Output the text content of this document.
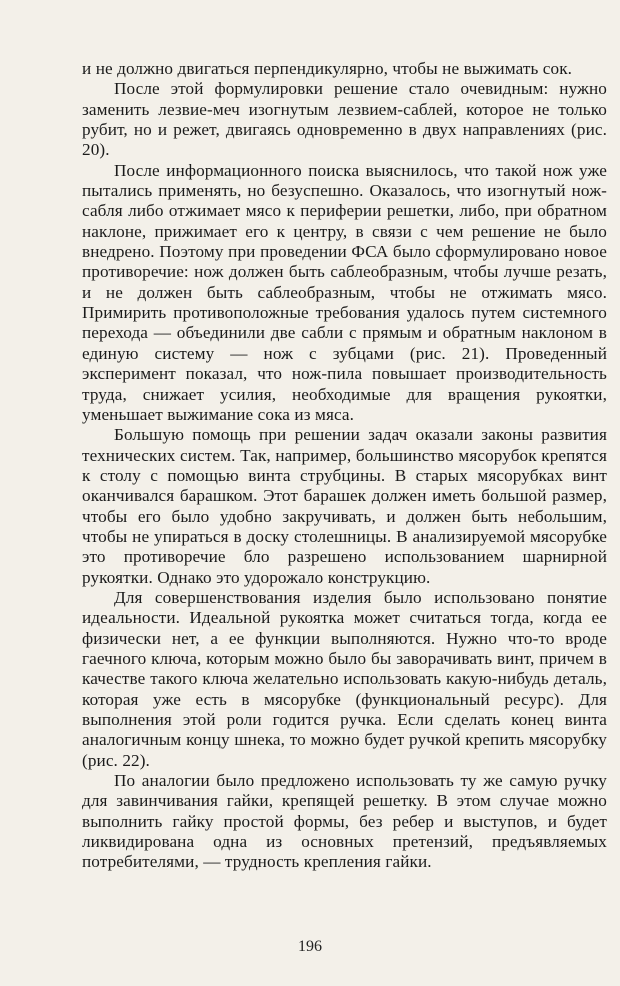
и не должно двигаться перпендикулярно, чтобы не выжимать сок.

После этой формулировки решение стало очевидным: нужно заменить лезвие-меч изогнутым лезвием-саблей, которое не только рубит, но и режет, двигаясь одновременно в двух направлениях (рис. 20).

После информационного поиска выяснилось, что такой нож уже пытались применять, но безуспешно. Оказалось, что изогнутый нож-сабля либо отжимает мясо к периферии решетки, либо, при обратном наклоне, прижимает его к центру, в связи с чем решение не было внедрено. Поэтому при проведении ФСА было сформулировано новое противоречие: нож должен быть саблеобразным, чтобы лучше резать, и не должен быть саблеобразным, чтобы не отжимать мясо. Примирить противоположные требования удалось путем системного перехода — объединили две сабли с прямым и обратным наклоном в единую систему — нож с зубцами (рис. 21). Проведенный эксперимент показал, что нож-пила повышает производительность труда, снижает усилия, необходимые для вращения рукоятки, уменьшает выжимание сока из мяса.

Большую помощь при решении задач оказали законы развития технических систем. Так, например, большинство мясорубок крепятся к столу с помощью винта струбцины. В старых мясорубках винт оканчивался барашком. Этот барашек должен иметь большой размер, чтобы его было удобно закручивать, и должен быть небольшим, чтобы не упираться в доску столешницы. В анализируемой мясорубке это противоречие бло разрешено использованием шарнирной рукоятки. Однако это удорожало конструкцию.

Для совершенствования изделия было использовано понятие идеальности. Идеальной рукоятка может считаться тогда, когда ее физически нет, а ее функции выполняются. Нужно что-то вроде гаечного ключа, которым можно было бы заворачивать винт, причем в качестве такого ключа желательно использовать какую-нибудь деталь, которая уже есть в мясорубке (функциональный ресурс). Для выполнения этой роли годится ручка. Если сделать конец винта аналогичным концу шнека, то можно будет ручкой крепить мясорубку (рис. 22).

По аналогии было предложено использовать ту же самую ручку для завинчивания гайки, крепящей решетку. В этом случае можно выполнить гайку простой формы, без ребер и выступов, и будет ликвидирована одна из основных претензий, предъявляемых потребителями, — трудность крепления гайки.

196
